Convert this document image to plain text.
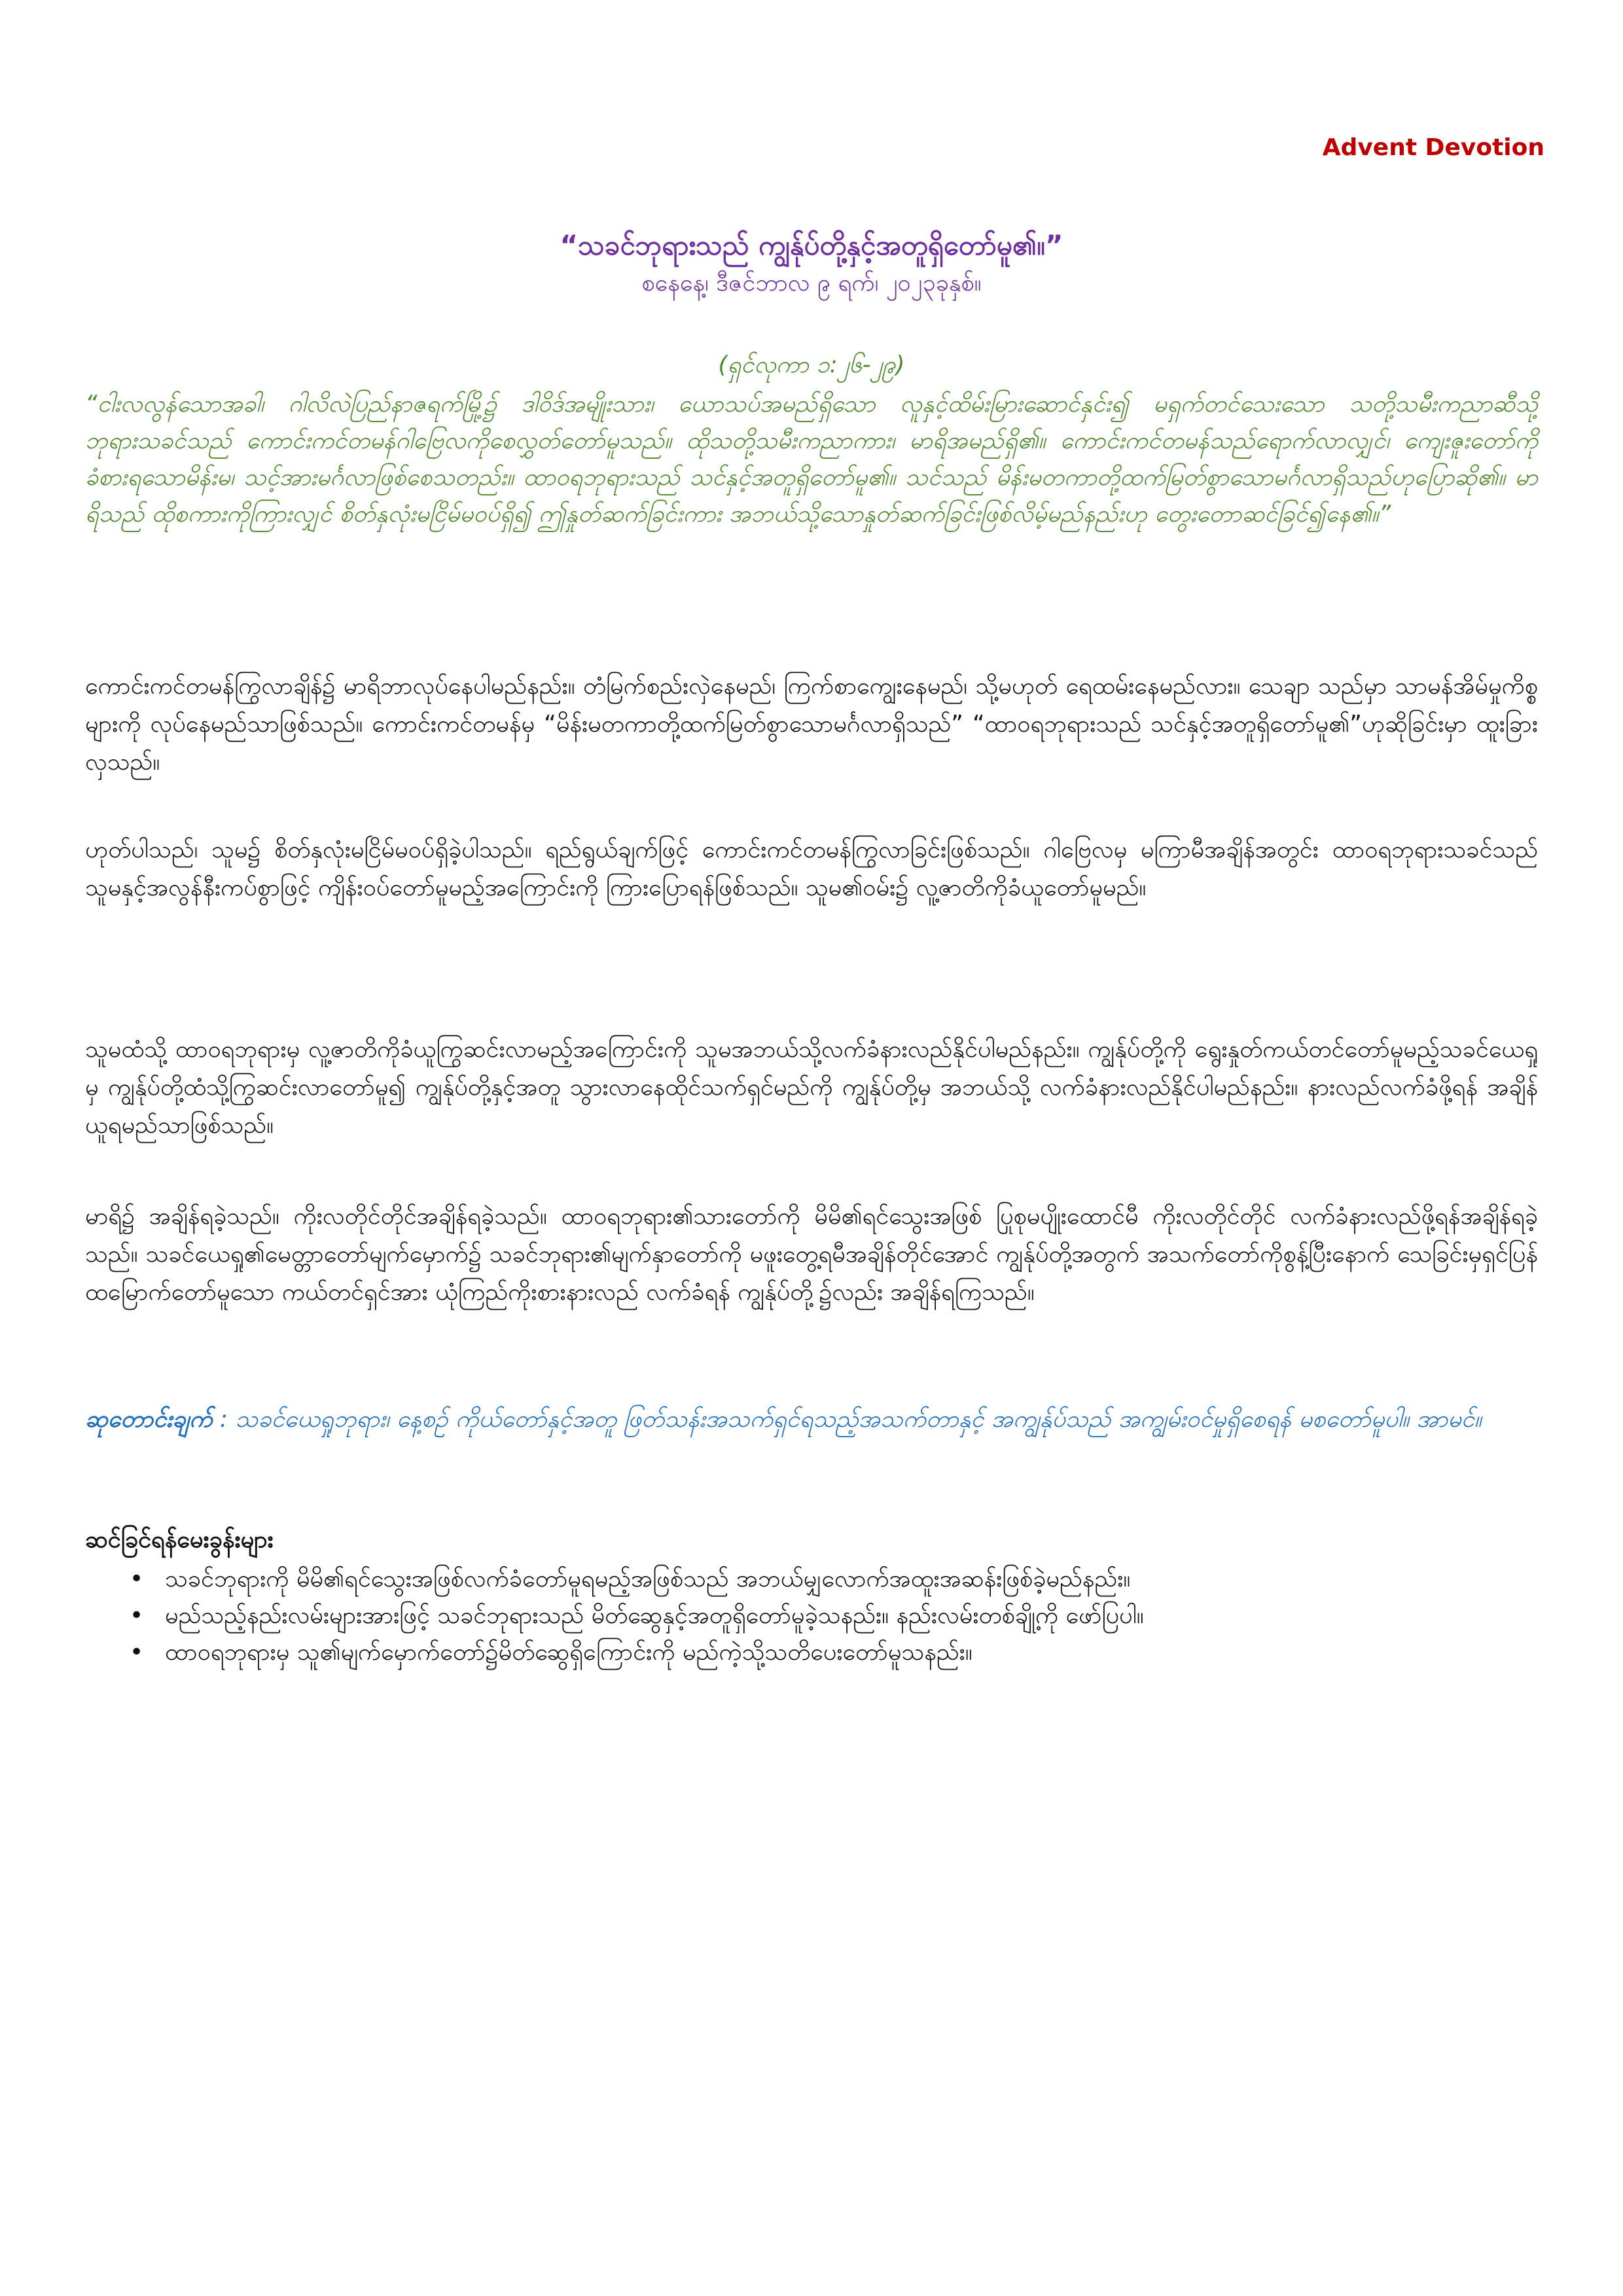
Advent Devotion
“သခင်ဘုရားသည် ကျွန်ုပ်တို့နှင့်အတူရှိတော်မူ၏။”
စနေနေ့၊ ဒီဇင်ဘာလ ၉ ရက်၊ ၂၀၂၃ခုနှစ်။
(ရှင်လုကာ ၁:၂၆-၂၉)
“ငါးလလွန်သောအခါ၊ ဂါလိလဲပြည်နာဇရက်မြို့၌ ဒါဝိဒ်အမျိုးသား၊ ယောသပ်အမည်ရှိသော လူနှင့်ထိမ်းမြားဆောင်နှင်း၍ မရှက်တင်သေးသော သတို့သမီးကညာဆီသို့ ဘုရားသခင်သည် ကောင်းကင်တမန်ဂါဗြေလကိုစေလွှတ်တော်မူသည်။ ထိုသတို့သမီးကညာကား၊ မာရိအမည်ရှိ၏။ ကောင်းကင်တမန်သည်ရောက်လာလျှင်၊ ကျေးဇူးတော်ကိုခံစားရသောမိန်းမ၊ သင့်အားမင်္ဂလာဖြစ်စေသတည်း။ ထာဝရဘုရားသည် သင်နှင့်အတူရှိတော်မူ၏။ သင်သည် မိန်းမတကာတို့ထက်မြတ်စွာသောမင်္ဂလာရှိသည်ဟုပြောဆို၏။ မာရိသည် ထိုစကားကိုကြားလျှင် စိတ်နှလုံးမငြိမ်မဝပ်ရှိ၍ ဤနှုတ်ဆက်ခြင်းကား အဘယ်သို့သောနှုတ်ဆက်ခြင်းဖြစ်လိမ့်မည်နည်းဟု တွေးတောဆင်ခြင်၍နေ၏။”
ကောင်းကင်တမန်ကြွလာချိန်၌ မာရိဘာလုပ်နေပါမည်နည်း။ တံမြက်စည်းလှဲနေမည်၊ ကြက်စာကျွေးနေမည်၊ သို့မဟုတ် ရေထမ်းနေမည်လား။ သေချာ သည်မှာ သာမန်အိမ်မှုကိစ္စများကို လုပ်နေမည်သာဖြစ်သည်။ ကောင်းကင်တမန်မှ “မိန်းမတကာတို့ထက်မြတ်စွာသောမင်္ဂလာရှိသည်” “ထာဝရဘုရားသည် သင်နှင့်အတူရှိတော်မူ၏”ဟုဆိုခြင်းမှာ ထူးခြားလှသည်။
ဟုတ်ပါသည်၊ သူမ၌ စိတ်နှလုံးမငြိမ်မဝပ်ရှိခဲ့ပါသည်။ ရည်ရွယ်ချက်ဖြင့် ကောင်းကင်တမန်ကြွလာခြင်းဖြစ်သည်။ ဂါဗြေလမှ မကြာမီအချိန်အတွင်း ထာဝရဘုရားသခင်သည် သူမနှင့်အလွန်နီးကပ်စွာဖြင့် ကျိန်းဝပ်တော်မူမည့်အကြောင်းကို ကြားပြောရန်ဖြစ်သည်။ သူမ၏ဝမ်း၌ လူ့ဇာတိကိုခံယူတော်မူမည်။
သူမထံသို့ ထာဝရဘုရားမှ လူ့ဇာတိကိုခံယူကြွဆင်းလာမည့်အကြောင်းကို သူမအဘယ်သို့လက်ခံနားလည်နိုင်ပါမည်နည်း။ ကျွန်ုပ်တို့ကို ရွေးနှုတ်ကယ်တင်တော်မူမည့်သခင်ယေရှုမှ ကျွန်ုပ်တို့ထံသို့ကြွဆင်းလာတော်မူ၍ ကျွန်ုပ်တို့နှင့်အတူ သွားလာနေထိုင်သက်ရှင်မည်ကို ကျွန်ုပ်တို့မှ အဘယ်သို့ လက်ခံနားလည်နိုင်ပါမည်နည်း။ နားလည်လက်ခံဖို့ရန် အချိန်ယူရမည်သာဖြစ်သည်။
မာရိ၌ အချိန်ရခဲ့သည်။ ကိုးလတိုင်တိုင်အချိန်ရခဲ့သည်။ ထာဝရဘုရား၏သားတော်ကို မိမိ၏ရင်သွေးအဖြစ် ပြုစုမပျိုးထောင်မီ ကိုးလတိုင်တိုင် လက်ခံနားလည်ဖို့ရန်အချိန်ရခဲ့သည်။ သခင်ယေရှု၏မေတ္တာတော်မျက်မှောက်၌ သခင်ဘုရား၏မျက်နှာတော်ကို မဖူးတွေ့ရမီအချိန်တိုင်အောင် ကျွန်ုပ်တို့အတွက် အသက်တော်ကိုစွန့်ပြီးနောက် သေခြင်းမှရှင်ပြန်ထမြောက်တော်မူသော ကယ်တင်ရှင်အား ယုံကြည်ကိုးစားနားလည် လက်ခံရန် ကျွန်ုပ်တို့၌လည်း အချိန်ရကြသည်။
ဆုတောင်းချက် : သခင်ယေရှုဘုရား၊ နေ့စဉ် ကိုယ်တော်နှင့်အတူ ဖြတ်သန်းအသက်ရှင်ရသည့်အသက်တာနှင့် အကျွန်ုပ်သည် အကျွမ်းဝင်မှုရှိစေရန် မစတော်မူပါ။ အာမင်။
ဆင်ခြင်ရန်မေးခွန်းများ
• သခင်ဘုရားကို မိမိ၏ရင်သွေးအဖြစ်လက်ခံတော်မူရမည့်အဖြစ်သည် အဘယ်မျှလောက်အထူးအဆန်းဖြစ်ခဲ့မည်နည်း။
• မည်သည့်နည်းလမ်းများအားဖြင့် သခင်ဘုရားသည် မိတ်ဆွေနှင့်အတူရှိတော်မူခဲ့သနည်း။ နည်းလမ်းတစ်ချို့ကို ဖော်ပြပါ။
• ထာဝရဘုရားမှ သူ၏မျက်မှောက်တော်၌မိတ်ဆွေရှိကြောင်းကို မည်ကဲ့သို့သတိပေးတော်မူသနည်း။
